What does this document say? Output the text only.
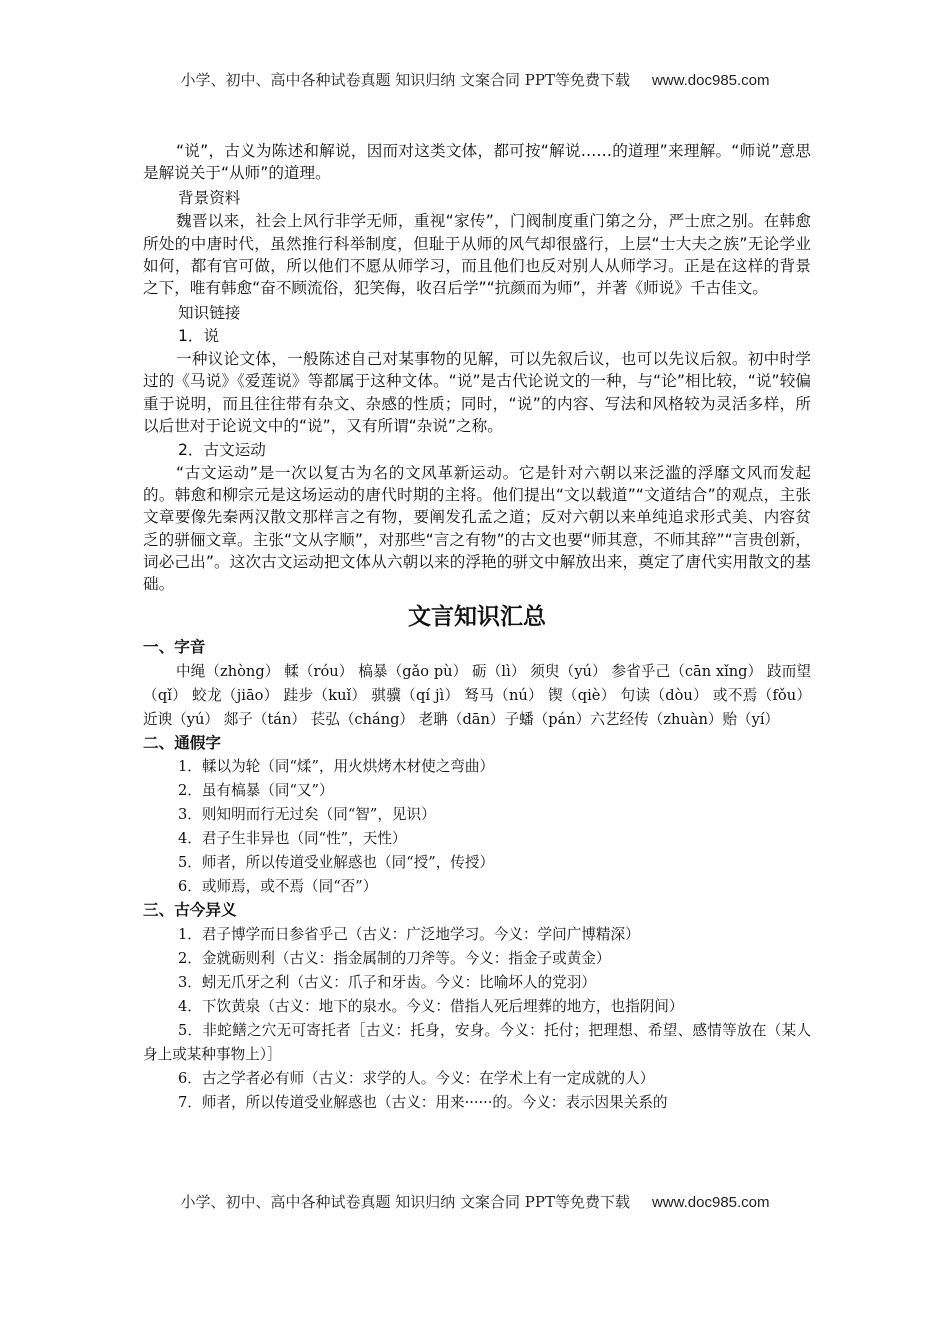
小学、初中、高中各种试卷真题 知识归纳 文案合同 PPT等免费下载 www.doc985.com

“说”，古义为陈述和解说，因而对这类文体，都可按“解说……的道理”来理解。“师说”意思是解说关于“从师”的道理。

背景资料

魏晋以来，社会上风行非学无师，重视“家传”，门阀制度重门第之分，严士庶之别。在韩愈所处的中唐时代，虽然推行科举制度，但耻于从师的风气却很盛行，上层“士大夫之族”无论学业如何，都有官可做，所以他们不愿从师学习，而且他们也反对别人从师学习。正是在这样的背景之下，唯有韩愈“奋不顾流俗，犯笑侮，收召后学”“抗颜而为师”，并著《师说》千古佳文。

知识链接

1．说

一种议论文体，一般陈述自己对某事物的见解，可以先叙后议，也可以先议后叙。初中时学过的《马说》《爱莲说》等都属于这种文体。“说”是古代论说文的一种，与“论”相比较，“说”较偏重于说明，而且往往带有杂文、杂感的性质；同时，“说”的内容、写法和风格较为灵活多样，所以后世对于论说文中的“说”，又有所谓“杂说”之称。

2．古文运动

“古文运动”是一次以复古为名的文风革新运动。它是针对六朝以来泛滥的浮靡文风而发起的。韩愈和柳宗元是这场运动的唐代时期的主将。他们提出“文以载道”“文道结合”的观点，主张文章要像先秦两汉散文那样言之有物，要阐发孔孟之道；反对六朝以来单纯追求形式美、内容贫乏的骈俪文章。主张“文从字顺”，对那些“言之有物”的古文也要“师其意，不师其辞”“言贵创新，词必己出”。这次古文运动把文体从六朝以来的浮艳的骈文中解放出来，奠定了唐代实用散文的基础。

文言知识汇总
一、字音

中绳（zhòng） 輮（róu） 槁暴（gǎo pù） 砺（lì） 须臾（yú） 参省乎己（cān xǐng） 跂而望（qǐ） 蛟龙（jiāo） 跬步（kuǐ） 骐骥（qí jì） 驽马（nú） 锲（qiè） 句读（dòu） 或不焉（fǒu） 近谀（yú） 郯子（tán） 苌弘（cháng） 老聃（dān）子蟠（pán）六艺经传（zhuàn）贻（yí）

二、通假字

1．輮以为轮（同“煣”，用火烘烤木材使之弯曲）

2．虽有槁暴（同“又”）

3．则知明而行无过矣（同“智”，见识）

4．君子生非异也（同“性”，天性）

5．师者，所以传道受业解惑也（同“授”，传授）

6．或师焉，或不焉（同“否”）

三、古今异义

1．君子博学而日参省乎己（古义：广泛地学习。今义：学问广博精深）

2．金就砺则利（古义：指金属制的刀斧等。今义：指金子或黄金）

3．蚓无爪牙之利（古义：爪子和牙齿。今义：比喻坏人的党羽）

4．下饮黄泉（古义：地下的泉水。今义：借指人死后埋葬的地方，也指阴间）

5．非蛇鳝之穴无可寄托者［古义：托身，安身。今义：托付；把理想、希望、感情等放在（某人身上或某种事物上）］

6．古之学者必有师（古义：求学的人。今义：在学术上有一定成就的人）

7．师者，所以传道受业解惑也（古义：用来······的。今义：表示因果关系的

小学、初中、高中各种试卷真题 知识归纳 文案合同 PPT等免费下载 www.doc985.com
